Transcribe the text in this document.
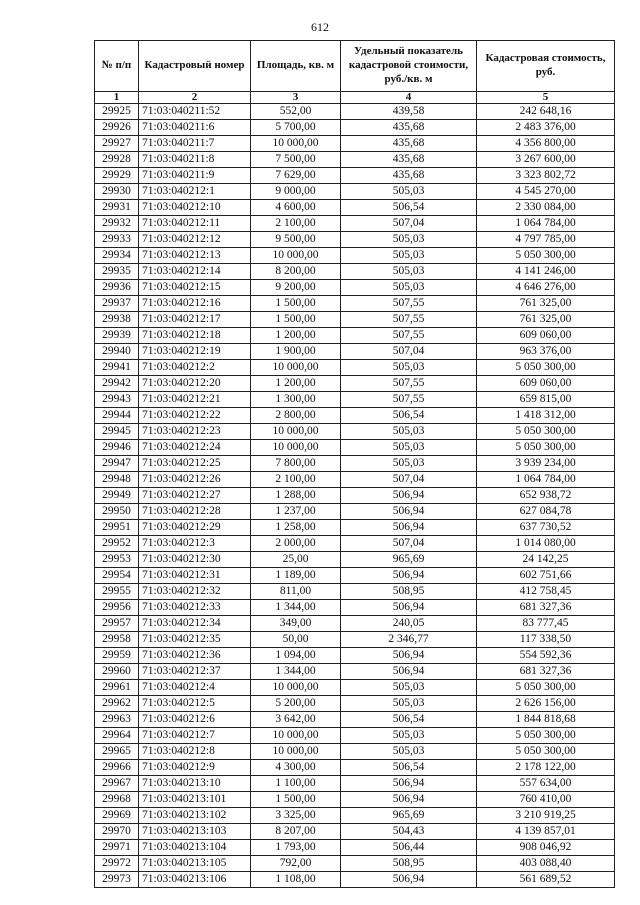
612
№ п/п	Кадастровый номер	Площадь, кв. м	Удельный показатель кадастровой стоимости, руб./кв. м	Кадастровая стоимость, руб.
1	2	3	4	5
29925	71:03:040211:52	552,00	439,58	242 648,16
29926	71:03:040211:6	5 700,00	435,68	2 483 376,00
29927	71:03:040211:7	10 000,00	435,68	4 356 800,00
29928	71:03:040211:8	7 500,00	435,68	3 267 600,00
29929	71:03:040211:9	7 629,00	435,68	3 323 802,72
29930	71:03:040212:1	9 000,00	505,03	4 545 270,00
29931	71:03:040212:10	4 600,00	506,54	2 330 084,00
29932	71:03:040212:11	2 100,00	507,04	1 064 784,00
29933	71:03:040212:12	9 500,00	505,03	4 797 785,00
29934	71:03:040212:13	10 000,00	505,03	5 050 300,00
29935	71:03:040212:14	8 200,00	505,03	4 141 246,00
29936	71:03:040212:15	9 200,00	505,03	4 646 276,00
29937	71:03:040212:16	1 500,00	507,55	761 325,00
29938	71:03:040212:17	1 500,00	507,55	761 325,00
29939	71:03:040212:18	1 200,00	507,55	609 060,00
29940	71:03:040212:19	1 900,00	507,04	963 376,00
29941	71:03:040212:2	10 000,00	505,03	5 050 300,00
29942	71:03:040212:20	1 200,00	507,55	609 060,00
29943	71:03:040212:21	1 300,00	507,55	659 815,00
29944	71:03:040212:22	2 800,00	506,54	1 418 312,00
29945	71:03:040212:23	10 000,00	505,03	5 050 300,00
29946	71:03:040212:24	10 000,00	505,03	5 050 300,00
29947	71:03:040212:25	7 800,00	505,03	3 939 234,00
29948	71:03:040212:26	2 100,00	507,04	1 064 784,00
29949	71:03:040212:27	1 288,00	506,94	652 938,72
29950	71:03:040212:28	1 237,00	506,94	627 084,78
29951	71:03:040212:29	1 258,00	506,94	637 730,52
29952	71:03:040212:3	2 000,00	507,04	1 014 080,00
29953	71:03:040212:30	25,00	965,69	24 142,25
29954	71:03:040212:31	1 189,00	506,94	602 751,66
29955	71:03:040212:32	811,00	508,95	412 758,45
29956	71:03:040212:33	1 344,00	506,94	681 327,36
29957	71:03:040212:34	349,00	240,05	83 777,45
29958	71:03:040212:35	50,00	2 346,77	117 338,50
29959	71:03:040212:36	1 094,00	506,94	554 592,36
29960	71:03:040212:37	1 344,00	506,94	681 327,36
29961	71:03:040212:4	10 000,00	505,03	5 050 300,00
29962	71:03:040212:5	5 200,00	505,03	2 626 156,00
29963	71:03:040212:6	3 642,00	506,54	1 844 818,68
29964	71:03:040212:7	10 000,00	505,03	5 050 300,00
29965	71:03:040212:8	10 000,00	505,03	5 050 300,00
29966	71:03:040212:9	4 300,00	506,54	2 178 122,00
29967	71:03:040213:10	1 100,00	506,94	557 634,00
29968	71:03:040213:101	1 500,00	506,94	760 410,00
29969	71:03:040213:102	3 325,00	965,69	3 210 919,25
29970	71:03:040213:103	8 207,00	504,43	4 139 857,01
29971	71:03:040213:104	1 793,00	506,44	908 046,92
29972	71:03:040213:105	792,00	508,95	403 088,40
29973	71:03:040213:106	1 108,00	506,94	561 689,52
